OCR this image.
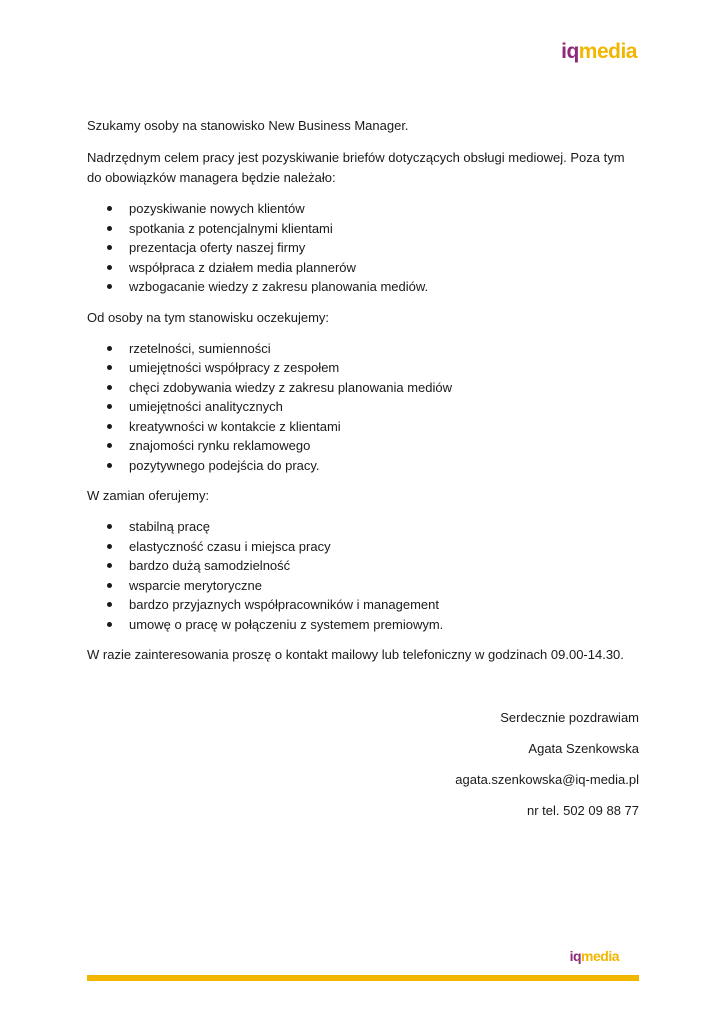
iqmedia

Szukamy osoby na stanowisko New Business Manager.

Nadrzędnym celem pracy jest pozyskiwanie briefów dotyczących obsługi mediowej. Poza tym do obowiązków managera będzie należało:

pozyskiwanie nowych klientów
spotkania z potencjalnymi klientami
prezentacja oferty naszej firmy
współpraca z działem media plannerów
wzbogacanie wiedzy z zakresu planowania mediów.

Od osoby na tym stanowisku oczekujemy:

rzetelności, sumienności
umiejętności współpracy z zespołem
chęci zdobywania wiedzy z zakresu planowania mediów
umiejętności analitycznych
kreatywności w kontakcie z klientami
znajomości rynku reklamowego
pozytywnego podejścia do pracy.

W zamian oferujemy:

stabilną pracę
elastyczność czasu i miejsca pracy
bardzo dużą samodzielność
wsparcie merytoryczne
bardzo przyjaznych współpracowników i management
umowę o pracę w połączeniu z systemem premiowym.

W razie zainteresowania proszę o kontakt mailowy lub telefoniczny w godzinach 09.00-14.30.

Serdecznie pozdrawiam
Agata Szenkowska
agata.szenkowska@iq-media.pl
nr tel. 502 09 88 77
iqmedia
